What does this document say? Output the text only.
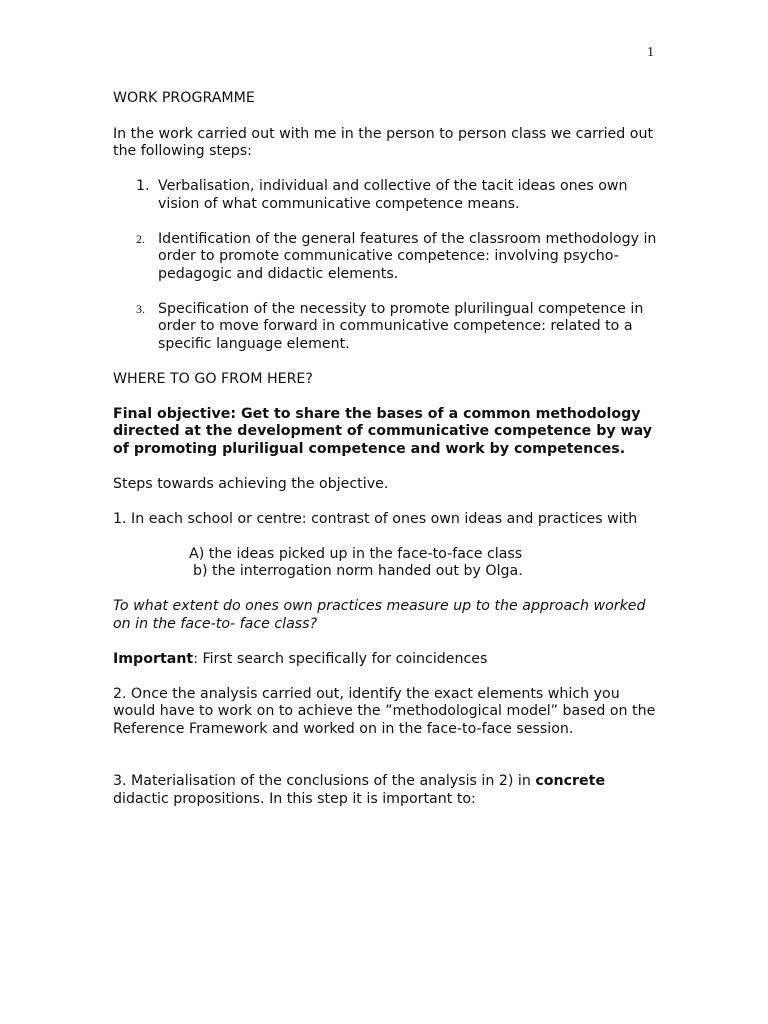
1

WORK PROGRAMME

In the work carried out with me in the person to person class we carried out the following steps:

1. Verbalisation, individual and collective of the tacit ideas ones own vision of what communicative competence means.
2. Identification of the general features of the classroom methodology in order to promote communicative competence: involving psycho-pedagogic and didactic elements.
3. Specification of the necessity to promote plurilingual competence in order to move forward in communicative competence: related to a specific language element.

WHERE TO GO FROM HERE?

Final objective: Get to share the bases of a common methodology directed at the development of communicative competence by way of promoting pluriligual competence and work by competences.

Steps towards achieving the objective.

1. In each school or centre: contrast of ones own ideas and practices with

A) the ideas picked up in the face-to-face class

b) the interrogation norm handed out by Olga.

To what extent do ones own practices measure up to the approach worked on in the face-to- face class?

Important: First search specifically for coincidences

2. Once the analysis carried out, identify the exact elements which you would have to work on to achieve the ”methodological model” based on the Reference Framework and worked on in the face-to-face session.

3. Materialisation of the conclusions of the analysis in 2) in concrete didactic propositions. In this step it is important to:
